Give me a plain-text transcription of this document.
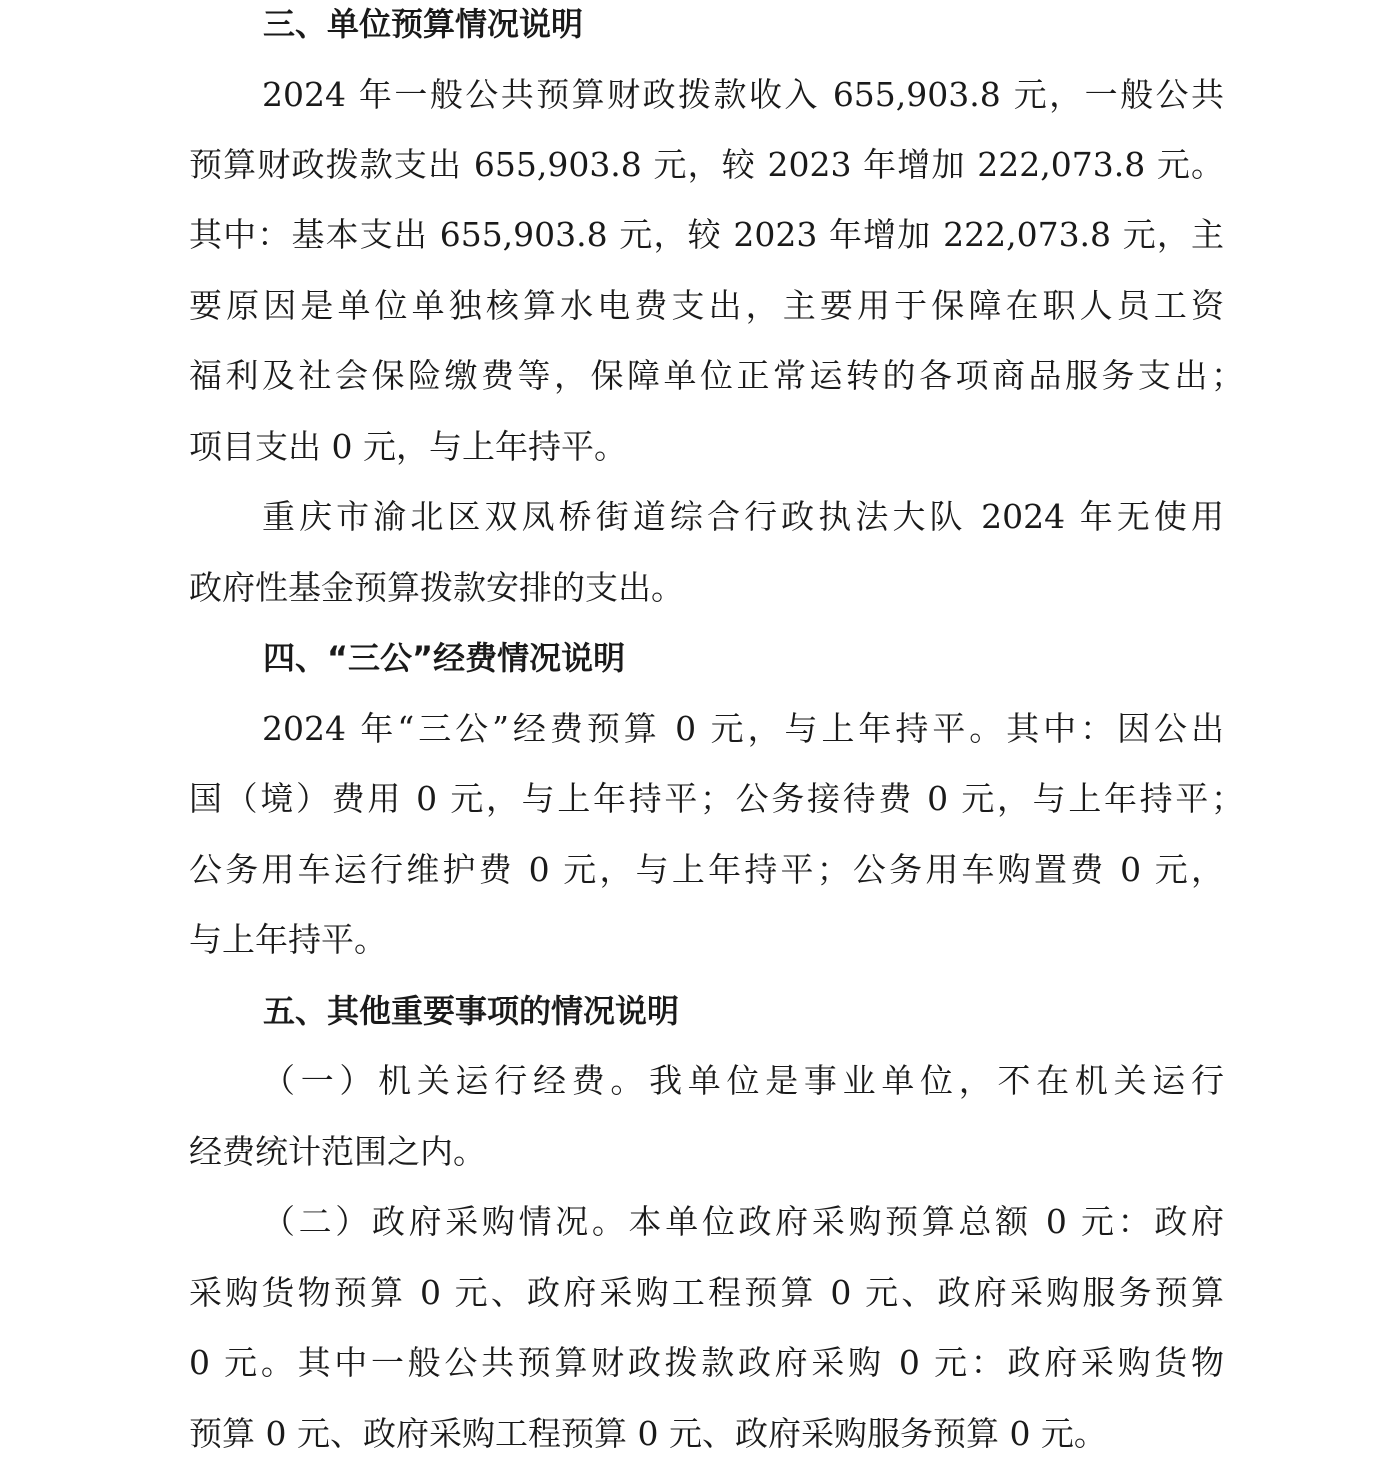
三、单位预算情况说明
2024 年一般公共预算财政拨款收入 655,903.8 元，一般公共
预算财政拨款支出 655,903.8 元，较 2023 年增加 222,073.8 元。
其中：基本支出 655,903.8 元，较 2023 年增加 222,073.8 元，主
要原因是单位单独核算水电费支出，主要用于保障在职人员工资
福利及社会保险缴费等，保障单位正常运转的各项商品服务支出；
项目支出 0 元，与上年持平。
重庆市渝北区双凤桥街道综合行政执法大队 2024 年无使用
政府性基金预算拨款安排的支出。
四、“三公”经费情况说明
2024 年“三公”经费预算 0 元，与上年持平。其中：因公出
国（境）费用 0 元，与上年持平；公务接待费 0 元，与上年持平；
公务用车运行维护费 0 元，与上年持平；公务用车购置费 0 元，
与上年持平。
五、其他重要事项的情况说明
（一）机关运行经费。我单位是事业单位，不在机关运行
经费统计范围之内。
（二）政府采购情况。本单位政府采购预算总额 0 元：政府
采购货物预算 0 元、政府采购工程预算 0 元、政府采购服务预算
0 元。其中一般公共预算财政拨款政府采购 0 元：政府采购货物
预算 0 元、政府采购工程预算 0 元、政府采购服务预算 0 元。
